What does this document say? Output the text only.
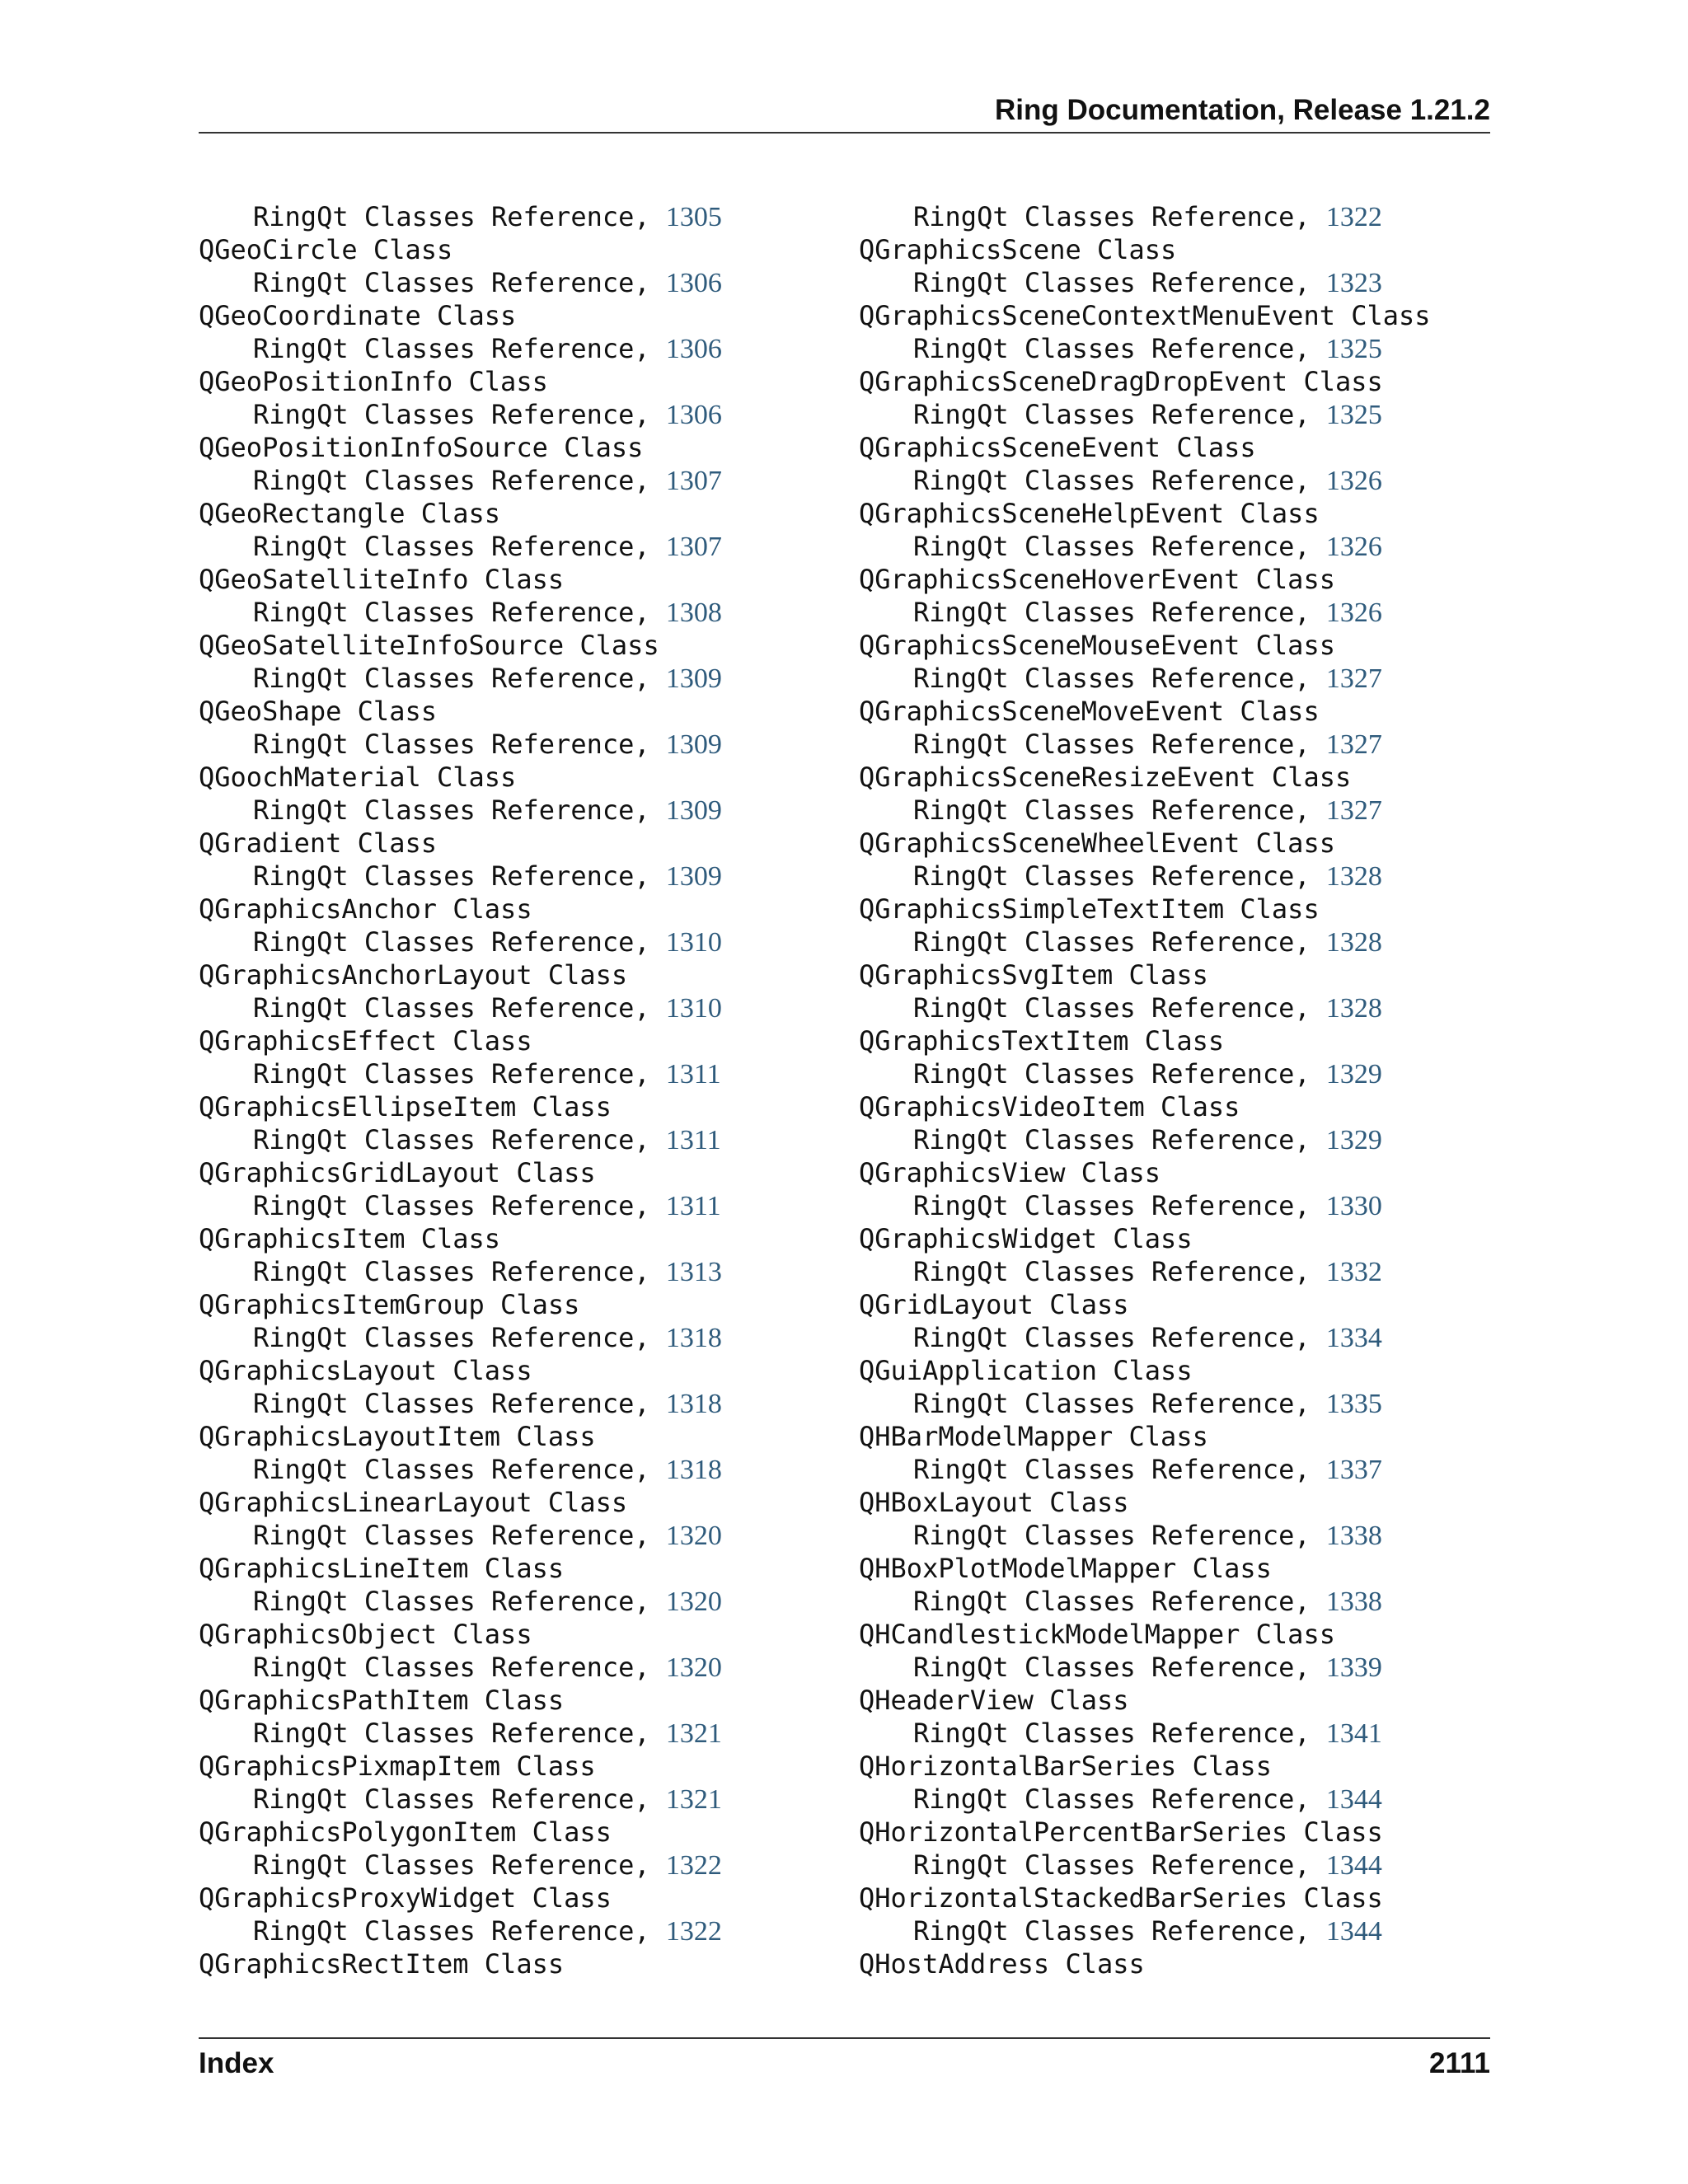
Ring Documentation, Release 1.21.2
RingQt Classes Reference, 1305
QGeoCircle Class
RingQt Classes Reference, 1306
QGeoCoordinate Class
RingQt Classes Reference, 1306
QGeoPositionInfo Class
RingQt Classes Reference, 1306
QGeoPositionInfoSource Class
RingQt Classes Reference, 1307
QGeoRectangle Class
RingQt Classes Reference, 1307
QGeoSatelliteInfo Class
RingQt Classes Reference, 1308
QGeoSatelliteInfoSource Class
RingQt Classes Reference, 1309
QGeoShape Class
RingQt Classes Reference, 1309
QGoochMaterial Class
RingQt Classes Reference, 1309
QGradient Class
RingQt Classes Reference, 1309
QGraphicsAnchor Class
RingQt Classes Reference, 1310
QGraphicsAnchorLayout Class
RingQt Classes Reference, 1310
QGraphicsEffect Class
RingQt Classes Reference, 1311
QGraphicsEllipseItem Class
RingQt Classes Reference, 1311
QGraphicsGridLayout Class
RingQt Classes Reference, 1311
QGraphicsItem Class
RingQt Classes Reference, 1313
QGraphicsItemGroup Class
RingQt Classes Reference, 1318
QGraphicsLayout Class
RingQt Classes Reference, 1318
QGraphicsLayoutItem Class
RingQt Classes Reference, 1318
QGraphicsLinearLayout Class
RingQt Classes Reference, 1320
QGraphicsLineItem Class
RingQt Classes Reference, 1320
QGraphicsObject Class
RingQt Classes Reference, 1320
QGraphicsPathItem Class
RingQt Classes Reference, 1321
QGraphicsPixmapItem Class
RingQt Classes Reference, 1321
QGraphicsPolygonItem Class
RingQt Classes Reference, 1322
QGraphicsProxyWidget Class
RingQt Classes Reference, 1322
QGraphicsRectItem Class
RingQt Classes Reference, 1322
QGraphicsScene Class
RingQt Classes Reference, 1323
QGraphicsSceneContextMenuEvent Class
RingQt Classes Reference, 1325
QGraphicsSceneDragDropEvent Class
RingQt Classes Reference, 1325
QGraphicsSceneEvent Class
RingQt Classes Reference, 1326
QGraphicsSceneHelpEvent Class
RingQt Classes Reference, 1326
QGraphicsSceneHoverEvent Class
RingQt Classes Reference, 1326
QGraphicsSceneMouseEvent Class
RingQt Classes Reference, 1327
QGraphicsSceneMoveEvent Class
RingQt Classes Reference, 1327
QGraphicsSceneResizeEvent Class
RingQt Classes Reference, 1327
QGraphicsSceneWheelEvent Class
RingQt Classes Reference, 1328
QGraphicsSimpleTextItem Class
RingQt Classes Reference, 1328
QGraphicsSvgItem Class
RingQt Classes Reference, 1328
QGraphicsTextItem Class
RingQt Classes Reference, 1329
QGraphicsVideoItem Class
RingQt Classes Reference, 1329
QGraphicsView Class
RingQt Classes Reference, 1330
QGraphicsWidget Class
RingQt Classes Reference, 1332
QGridLayout Class
RingQt Classes Reference, 1334
QGuiApplication Class
RingQt Classes Reference, 1335
QHBarModelMapper Class
RingQt Classes Reference, 1337
QHBoxLayout Class
RingQt Classes Reference, 1338
QHBoxPlotModelMapper Class
RingQt Classes Reference, 1338
QHCandlestickModelMapper Class
RingQt Classes Reference, 1339
QHeaderView Class
RingQt Classes Reference, 1341
QHorizontalBarSeries Class
RingQt Classes Reference, 1344
QHorizontalPercentBarSeries Class
RingQt Classes Reference, 1344
QHorizontalStackedBarSeries Class
RingQt Classes Reference, 1344
QHostAddress Class
Index	2111
